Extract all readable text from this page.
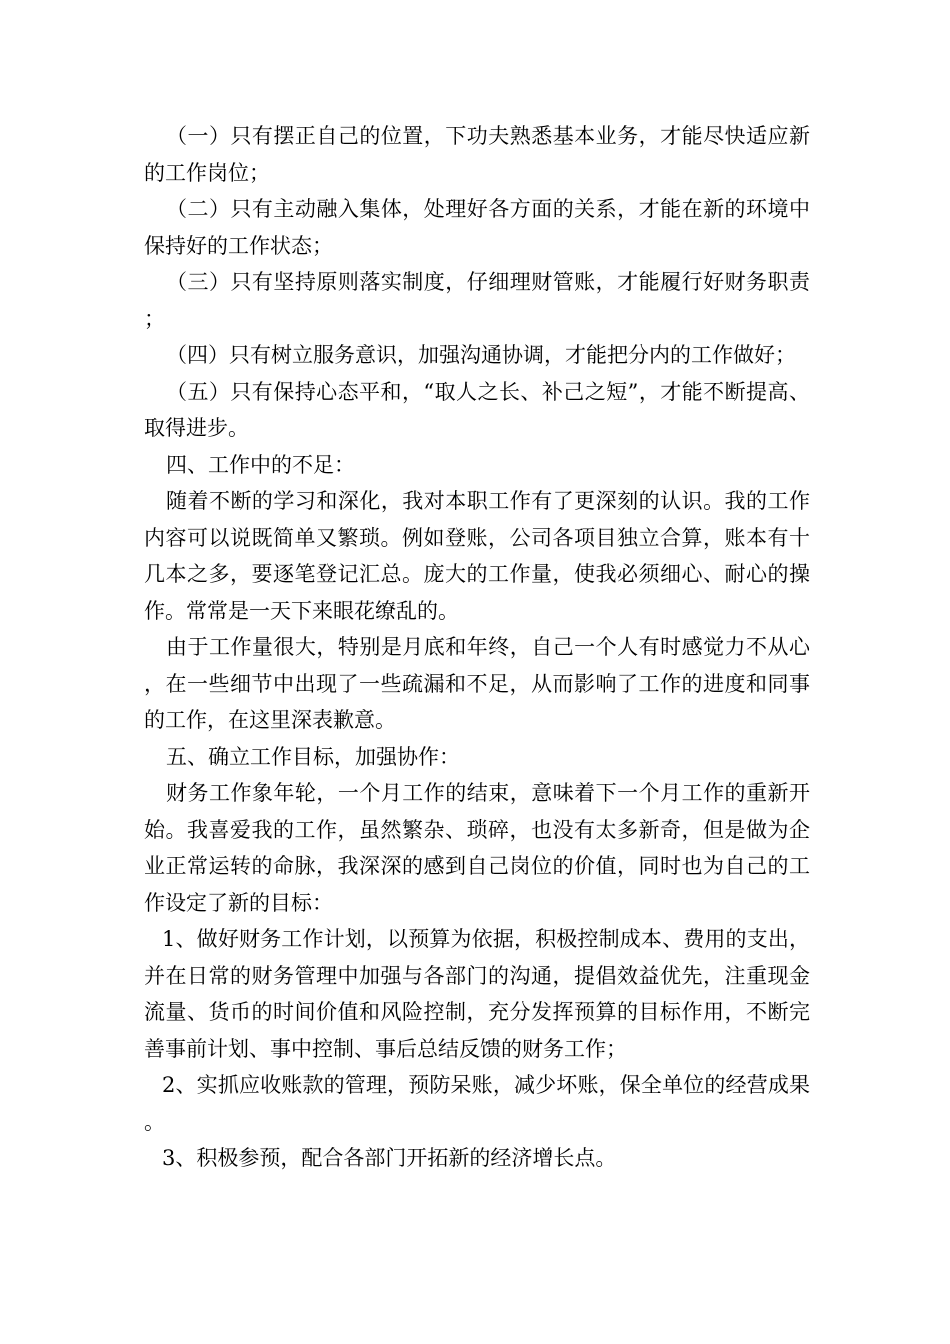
（一）只有摆正自己的位置，下功夫熟悉基本业务，才能尽快适应新的工作岗位；

（二）只有主动融入集体，处理好各方面的关系，才能在新的环境中保持好的工作状态；

（三）只有坚持原则落实制度，仔细理财管账，才能履行好财务职责；

（四）只有树立服务意识，加强沟通协调，才能把分内的工作做好；

（五）只有保持心态平和，“取人之长、补己之短”，才能不断提高、取得进步。

四、工作中的不足：

随着不断的学习和深化，我对本职工作有了更深刻的认识。我的工作内容可以说既简单又繁琐。例如登账，公司各项目独立合算，账本有十几本之多，要逐笔登记汇总。庞大的工作量，使我必须细心、耐心的操作。常常是一天下来眼花缭乱的。

由于工作量很大，特别是月底和年终，自己一个人有时感觉力不从心，在一些细节中出现了一些疏漏和不足，从而影响了工作的进度和同事的工作，在这里深表歉意。

五、确立工作目标，加强协作：

财务工作象年轮，一个月工作的结束，意味着下一个月工作的重新开始。我喜爱我的工作，虽然繁杂、琐碎，也没有太多新奇，但是做为企业正常运转的命脉，我深深的感到自己岗位的价值，同时也为自己的工作设定了新的目标：

1、做好财务工作计划，以预算为依据，积极控制成本、费用的支出，并在日常的财务管理中加强与各部门的沟通，提倡效益优先，注重现金流量、货币的时间价值和风险控制，充分发挥预算的目标作用，不断完善事前计划、事中控制、事后总结反馈的财务工作；

2、实抓应收账款的管理，预防呆账，减少坏账，保全单位的经营成果。

3、积极参预，配合各部门开拓新的经济增长点。
